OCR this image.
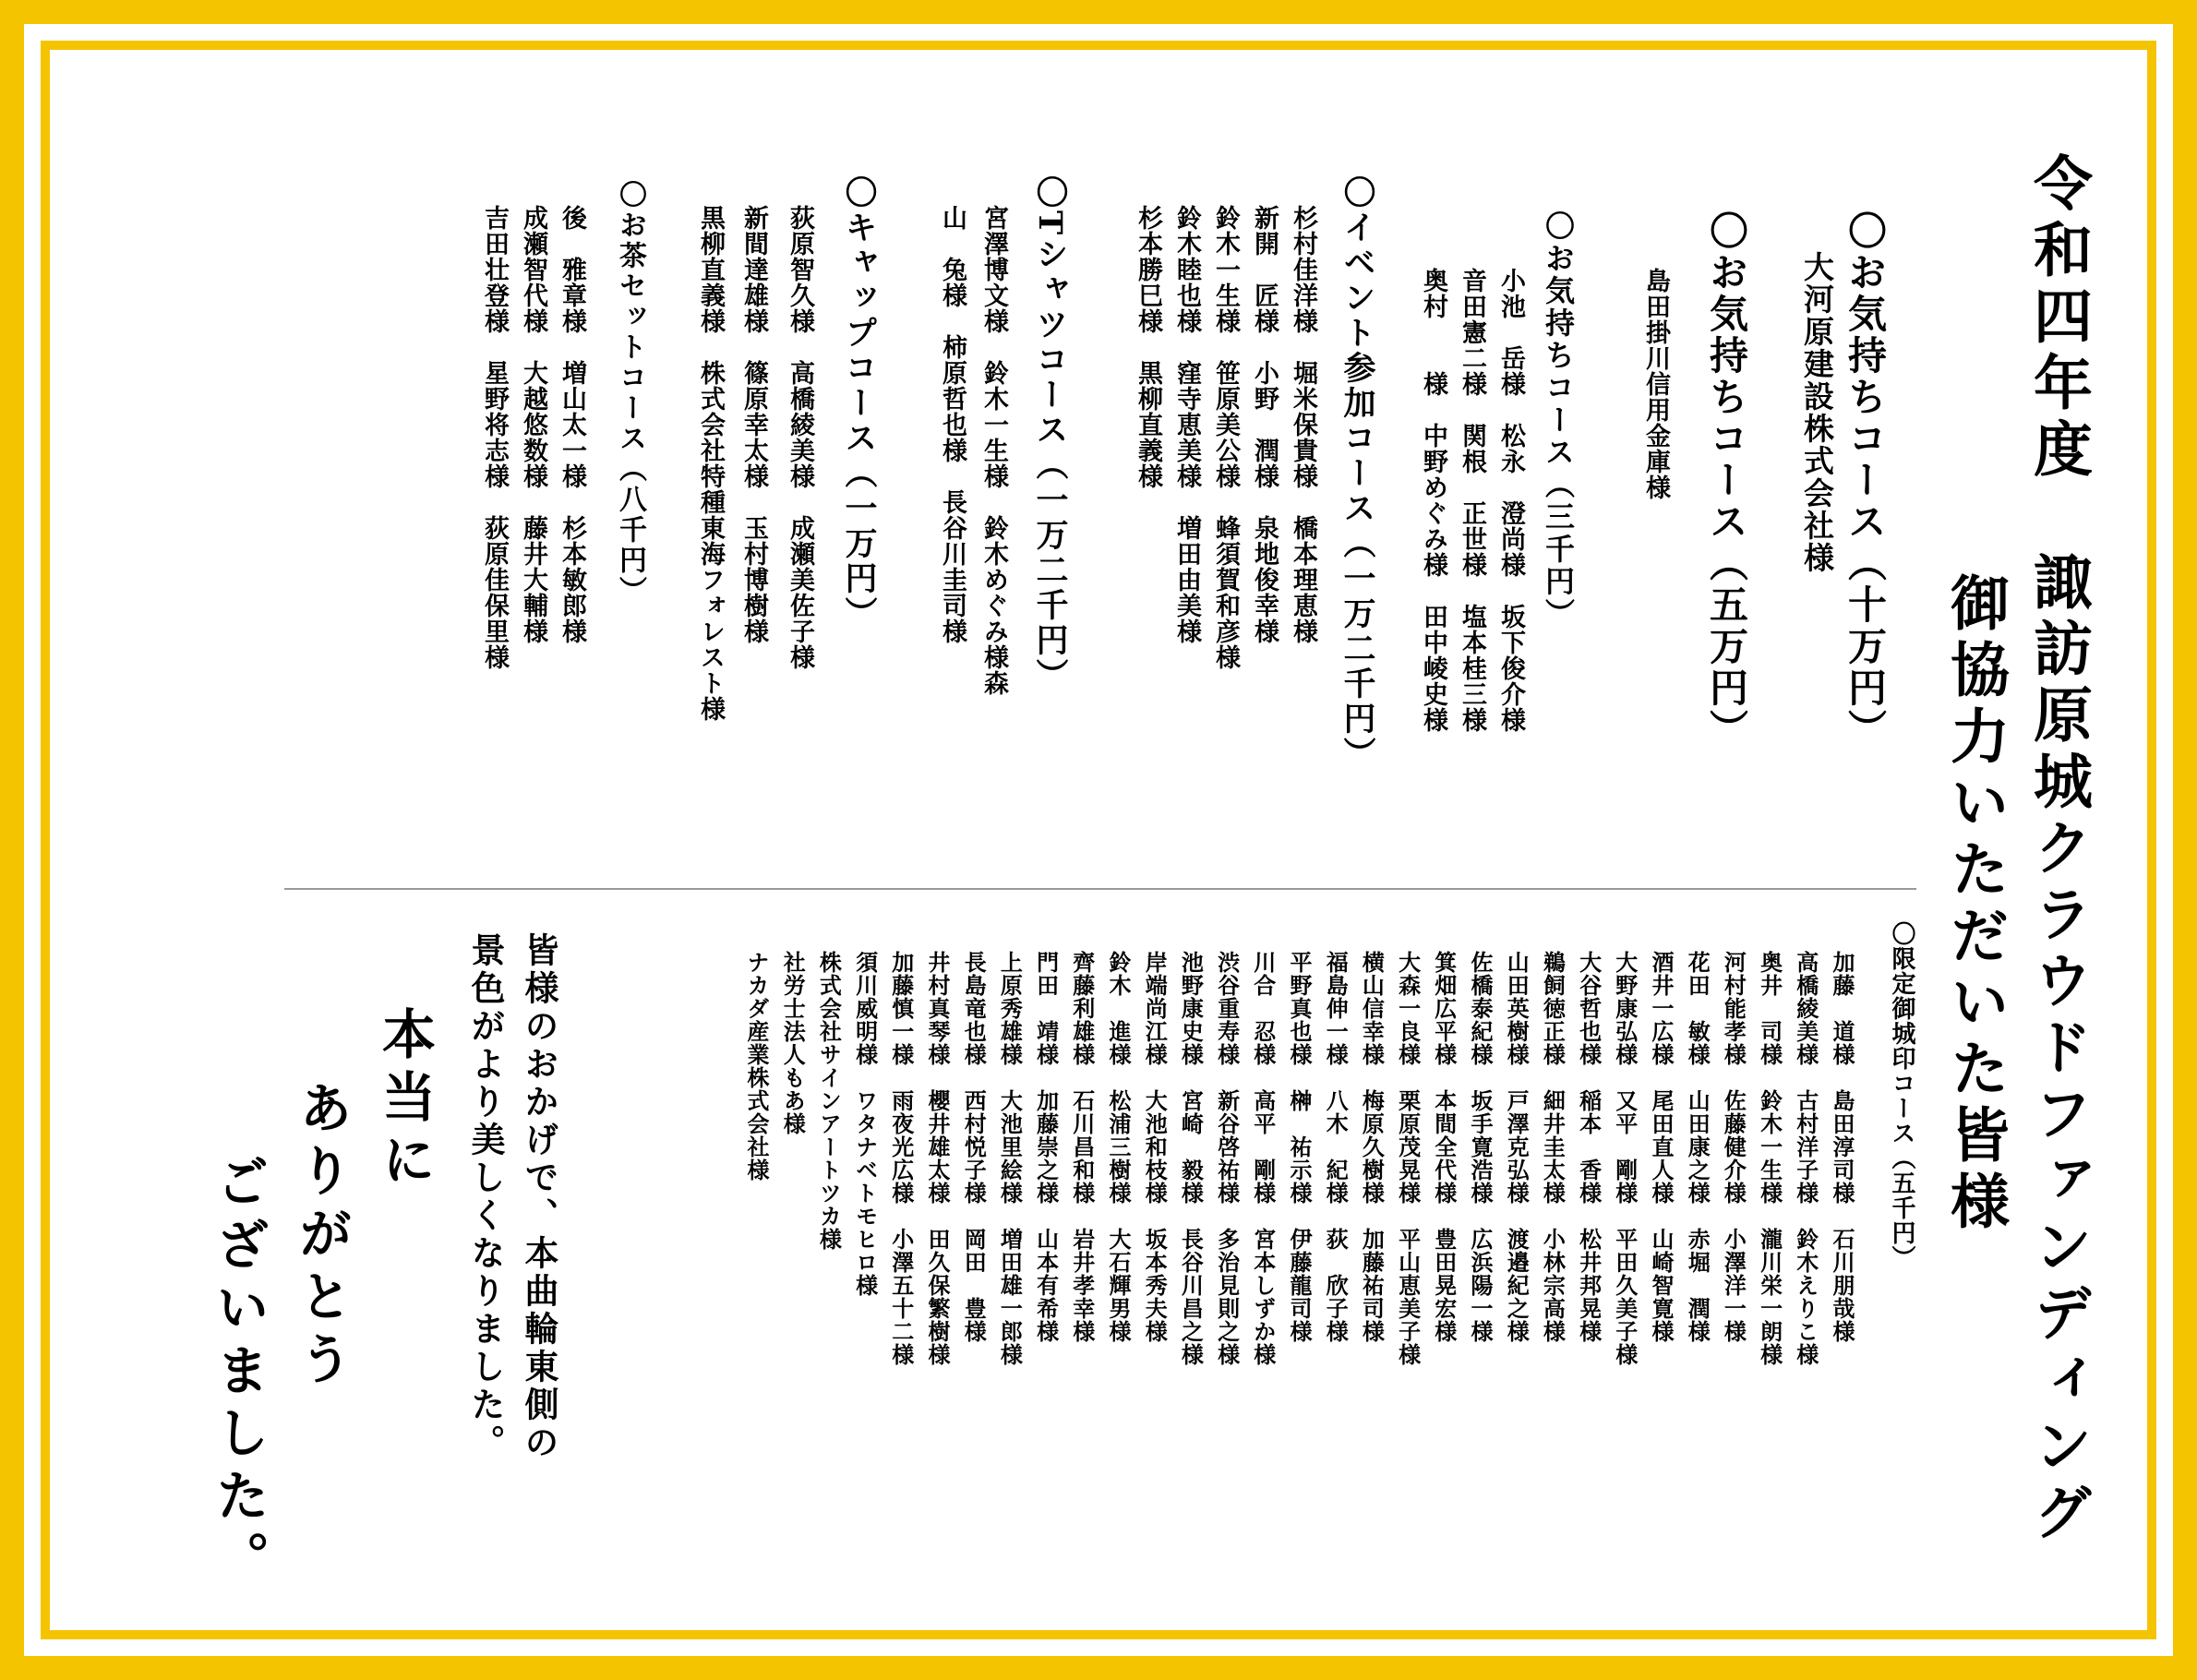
令和四年度　諏訪原城クラウドファンディング
御協力いただいた皆様
〇お気持ちコース（十万円）
大河原建設株式会社様
〇お気持ちコース（五万円）
島田掛川信用金庫様
〇お気持ちコース（三千円）
小池　岳様　松永　澄尚様　坂下俊介様
音田憲二様　関根　正世様　塩本桂三様
奥村　　様　中野めぐみ様　田中崚史様
〇イベント参加コース（一万二千円）
杉村佳洋様　堀米保貴様　橋本理恵様
新開　匠様　小野　潤様　泉地俊幸様
鈴木一生様　笹原美公様　蜂須賀和彦様
鈴木睦也様　窪寺恵美様　増田由美様
杉本勝巳様　黒柳直義様
〇Tシャツコース（一万二千円）
宮澤博文様　鈴木一生様　鈴木めぐみ様森
山　兔様　柿原哲也様　長谷川圭司様
〇キャップコース（一万円）
荻原智久様　高橋綾美様　成瀬美佐子様
新間達雄様　篠原幸太様　玉村博樹様
黒柳直義様　株式会社特種東海フォレスト様
〇お茶セットコース（八千円）
後　雅章様　増山太一様　杉本敏郎様
成瀬智代様　大越悠数様　藤井大輔様
吉田壮登様　星野将志様　荻原佳保里様
〇限定御城印コース（五千円）
加藤　道様　島田淳司様　石川朋哉様
高橋綾美様　古村洋子様　鈴木えりこ様
奥井　司様　鈴木一生様　瀧川栄一朗様
河村能孝様　佐藤健介様　小澤洋一様
花田　敏様　山田康之様　赤堀　潤様
酒井一広様　尾田直人様　山崎智寛様
大野康弘様　又平　剛様　平田久美子様
大谷哲也様　稲本　香様　松井邦晃様
鵜飼徳正様　細井圭太様　小林宗高様
山田英樹様　戸澤克弘様　渡邉紀之様
佐橋泰紀様　坂手寛浩様　広浜陽一様
箕畑広平様　本間全代様　豊田晃宏様
大森一良様　栗原茂晃様　平山恵美子様
横山信幸様　梅原久樹様　加藤祐司様
福島伸一様　八木　紀様　荻　欣子様
平野真也様　榊　祐示様　伊藤龍司様
川合　忍様　高平　剛様　宮本しずか様
渋谷重寿様　新谷啓祐様　多治見則之様
池野康史様　宮崎　毅様　長谷川昌之様
岸端尚江様　大池和枝様　坂本秀夫様
鈴木　進様　松浦三樹様　大石輝男様
齊藤利雄様　石川昌和様　岩井孝幸様
門田　靖様　加藤崇之様　山本有希様
上原秀雄様　大池里絵様　増田雄一郎様
長島竜也様　西村悦子様　岡田　豊様
井村真琴様　櫻井雄太様　田久保繁樹様
加藤慎一様　雨夜光広様　小澤五十二様
須川威明様　ワタナベトモヒロ様
株式会社サインアートツカ様
社労士法人もあ様
ナカダ産業株式会社様
皆様のおかげで、本曲輪東側の
景色がより美しくなりました。
本当に
ありがとう
ございました。
